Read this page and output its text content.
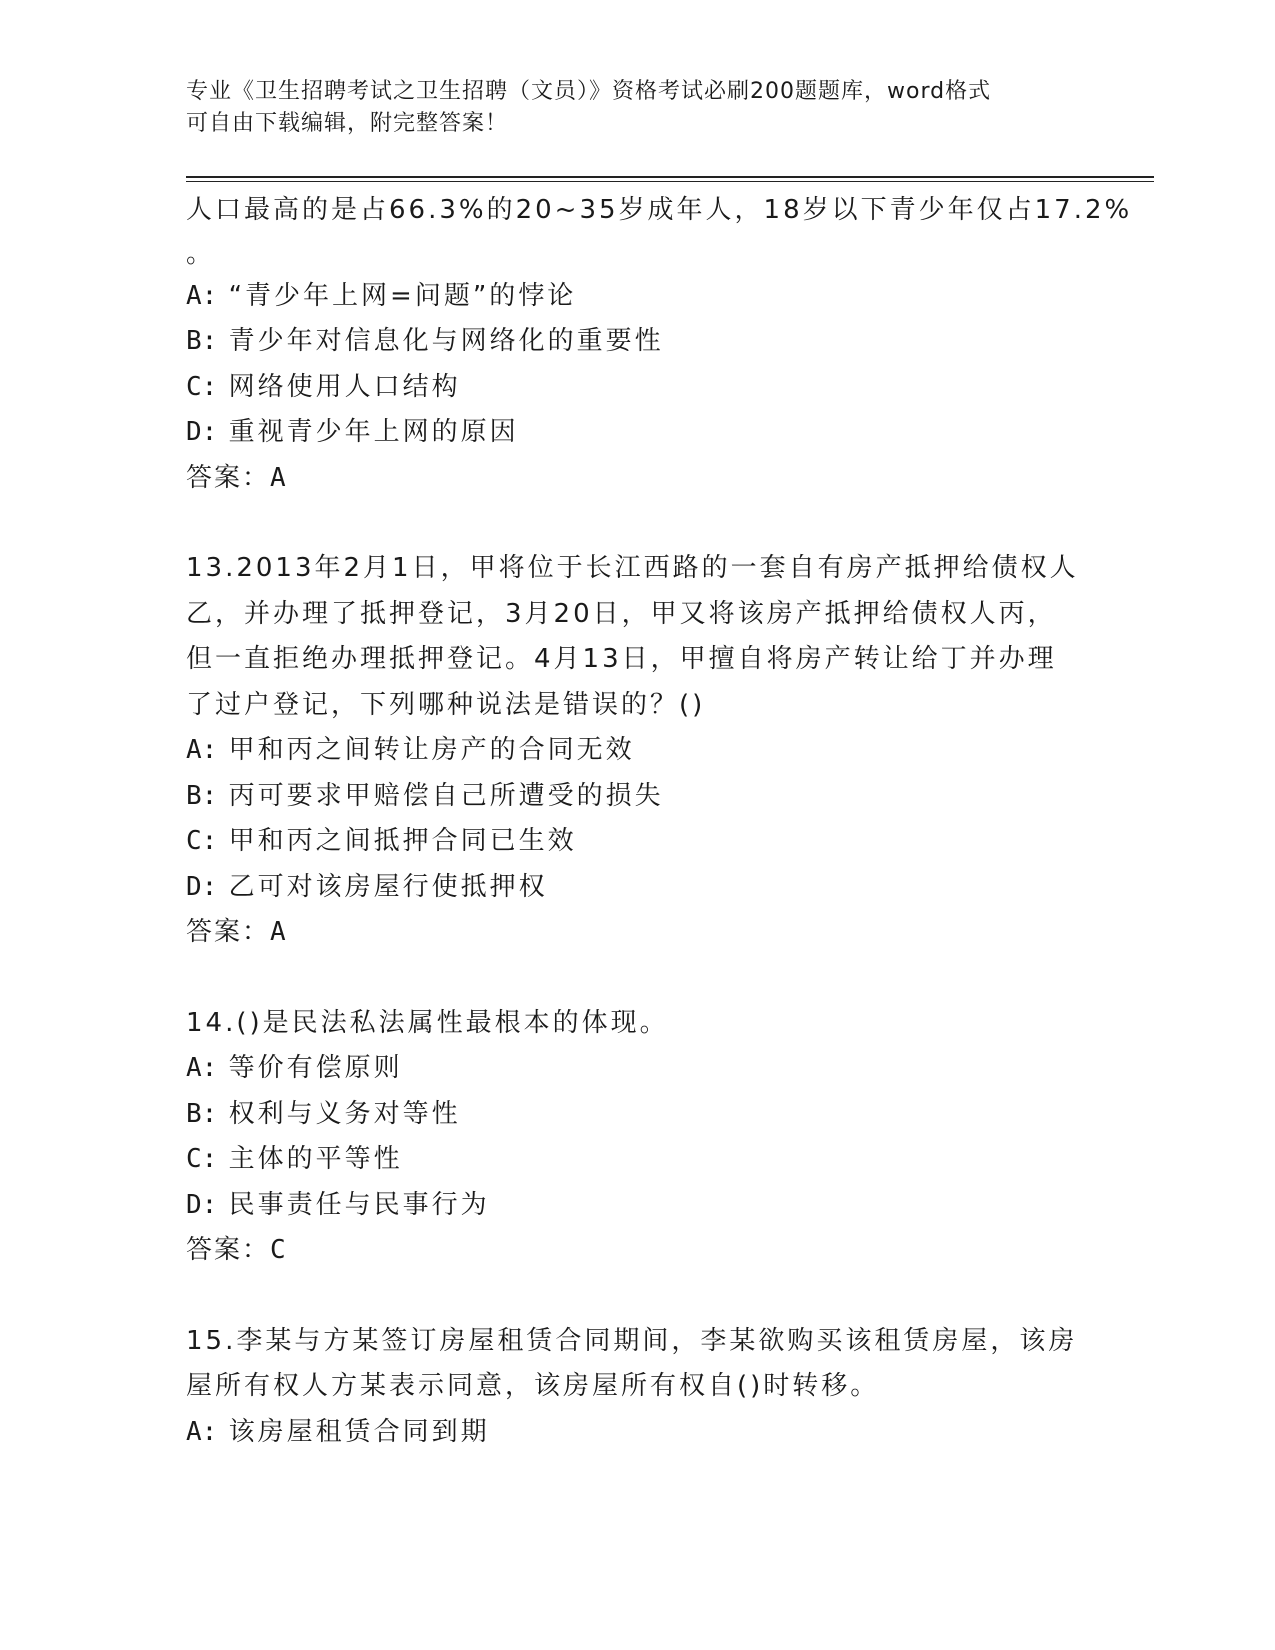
专业《卫生招聘考试之卫生招聘（文员）》资格考试必刷200题题库，word格式
可自由下载编辑，附完整答案！
人口最高的是占66.3%的20~35岁成年人，18岁以下青少年仅占17.2%
。
A: “青少年上网=问题”的悖论
B: 青少年对信息化与网络化的重要性
C: 网络使用人口结构
D: 重视青少年上网的原因
答案：A
13.2013年2月1日，甲将位于长江西路的一套自有房产抵押给债权人
乙，并办理了抵押登记，3月20日，甲又将该房产抵押给债权人丙，
但一直拒绝办理抵押登记。4月13日，甲擅自将房产转让给丁并办理
了过户登记，下列哪种说法是错误的？()
A: 甲和丙之间转让房产的合同无效
B: 丙可要求甲赔偿自己所遭受的损失
C: 甲和丙之间抵押合同已生效
D: 乙可对该房屋行使抵押权
答案：A
14.()是民法私法属性最根本的体现。
A: 等价有偿原则
B: 权利与义务对等性
C: 主体的平等性
D: 民事责任与民事行为
答案：C
15.李某与方某签订房屋租赁合同期间，李某欲购买该租赁房屋，该房
屋所有权人方某表示同意，该房屋所有权自()时转移。
A: 该房屋租赁合同到期
